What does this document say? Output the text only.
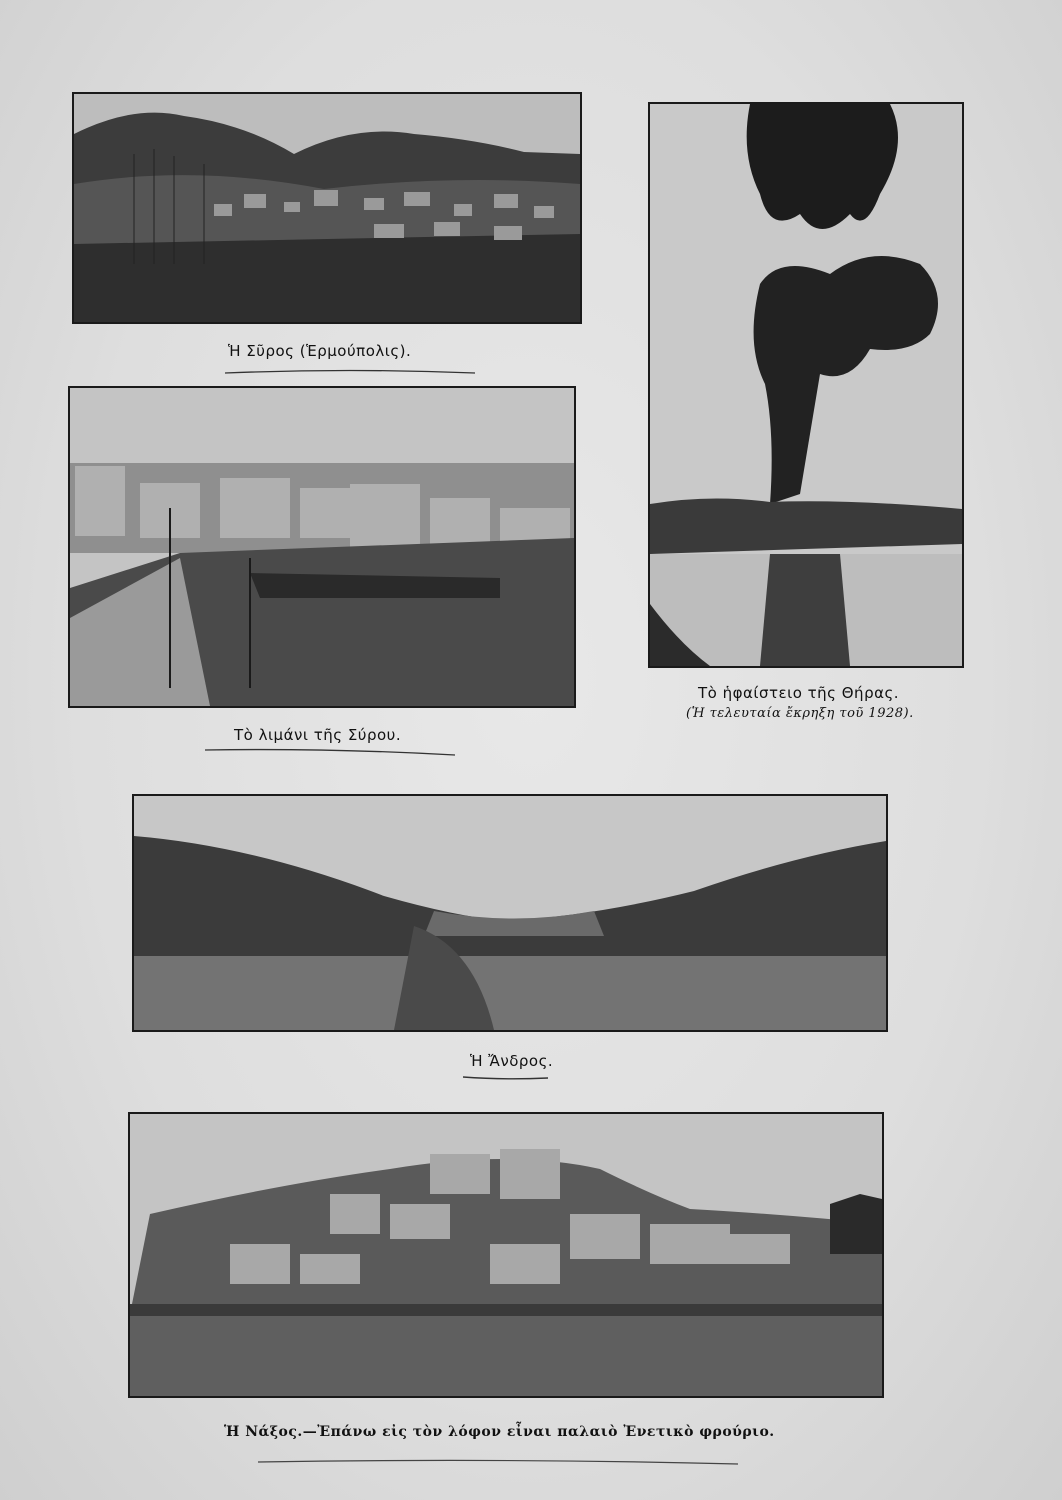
Ἡ Σῦρος (Ἑρμούπολις).
Τὸ λιμάνι τῆς Σύρου.
Τὸ ἡφαίστειο τῆς Θήρας.
(Ἡ τελευταία ἔκρηξη τοῦ 1928).
Ἡ Ἄνδρος.
Ἡ Νάξος.—Ἐπάνω εἰς τὸν λόφον εἶναι παλαιὸ Ἐνετικὸ φρούριο.
